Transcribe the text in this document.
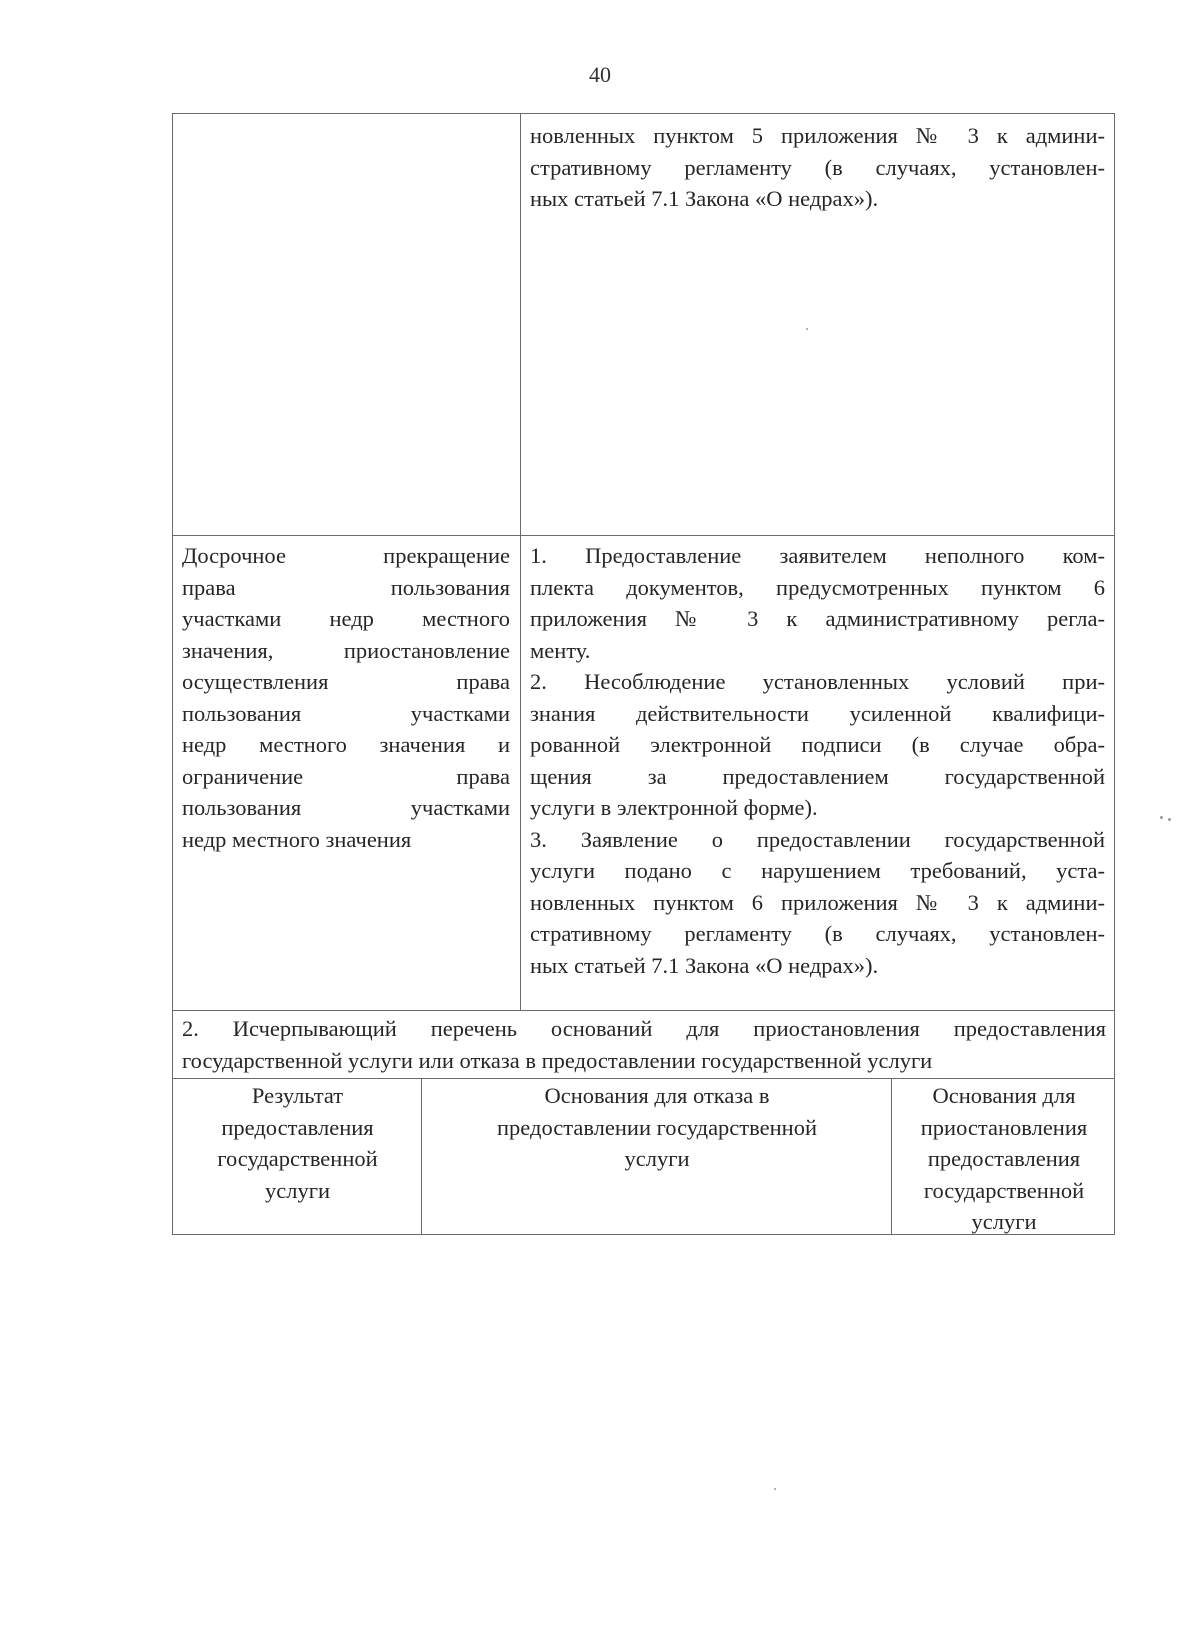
40
новленных пунктом 5 приложения № 3 к админи-
стративному регламенту (в случаях, установлен-
ных статьей 7.1 Закона «О недрах»).
Досрочное прекращение
права пользования
участками недр местного
значения, приостановление
осуществления права
пользования участками
недр местного значения и
ограничение права
пользования участками
недр местного значения
1. Предоставление заявителем неполного ком-
плекта документов, предусмотренных пунктом 6
приложения № 3 к административному регла-
менту.
2. Несоблюдение установленных условий при-
знания действительности усиленной квалифици-
рованной электронной подписи (в случае обра-
щения за предоставлением государственной
услуги в электронной форме).
3. Заявление о предоставлении государственной
услуги подано с нарушением требований, уста-
новленных пунктом 6 приложения № 3 к админи-
стративному регламенту (в случаях, установлен-
ных статьей 7.1 Закона «О недрах»).
2. Исчерпывающий перечень оснований для приостановления предоставления
государственной услуги или отказа в предоставлении государственной услуги
Результат
предоставления
государственной
услуги
Основания для отказа в
предоставлении государственной
услуги
Основания для
приостановления
предоставления
государственной
услуги
